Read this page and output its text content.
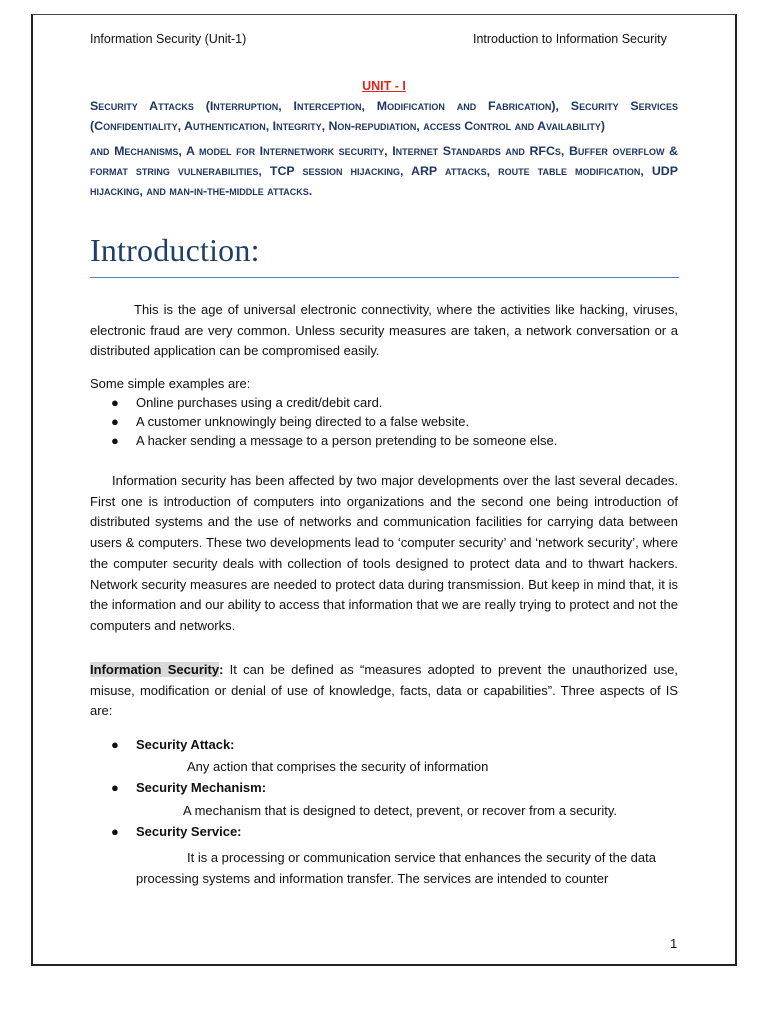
Information Security (Unit-1)	Introduction to Information Security
UNIT - I
Security Attacks (Interruption, Interception, Modification and Fabrication), Security Services (Confidentiality, Authentication, Integrity, Non-repudiation, access Control and Availability)
and Mechanisms, A model for Internetwork security, Internet Standards and RFCs, Buffer overflow & format string vulnerabilities, TCP session hijacking, ARP attacks, route table modification, UDP hijacking, and man-in-the-middle attacks.
Introduction:
This is the age of universal electronic connectivity, where the activities like hacking, viruses, electronic fraud are very common. Unless security measures are taken, a network conversation or a distributed application can be compromised easily.
Some simple examples are:
● Online purchases using a credit/debit card.
● A customer unknowingly being directed to a false website.
● A hacker sending a message to a person pretending to be someone else.
Information security has been affected by two major developments over the last several decades. First one is introduction of computers into organizations and the second one being introduction of distributed systems and the use of networks and communication facilities for carrying data between users & computers. These two developments lead to ‘computer security’ and ‘network security’, where the computer security deals with collection of tools designed to protect data and to thwart hackers. Network security measures are needed to protect data during transmission. But keep in mind that, it is the information and our ability to access that information that we are really trying to protect and not the computers and networks.
Information Security: It can be defined as “measures adopted to prevent the unauthorized use, misuse, modification or denial of use of knowledge, facts, data or capabilities”. Three aspects of IS are:
● Security Attack:
Any action that comprises the security of information
● Security Mechanism:
A mechanism that is designed to detect, prevent, or recover from a security.
● Security Service:
It is a processing or communication service that enhances the security of the data processing systems and information transfer. The services are intended to counter
1
